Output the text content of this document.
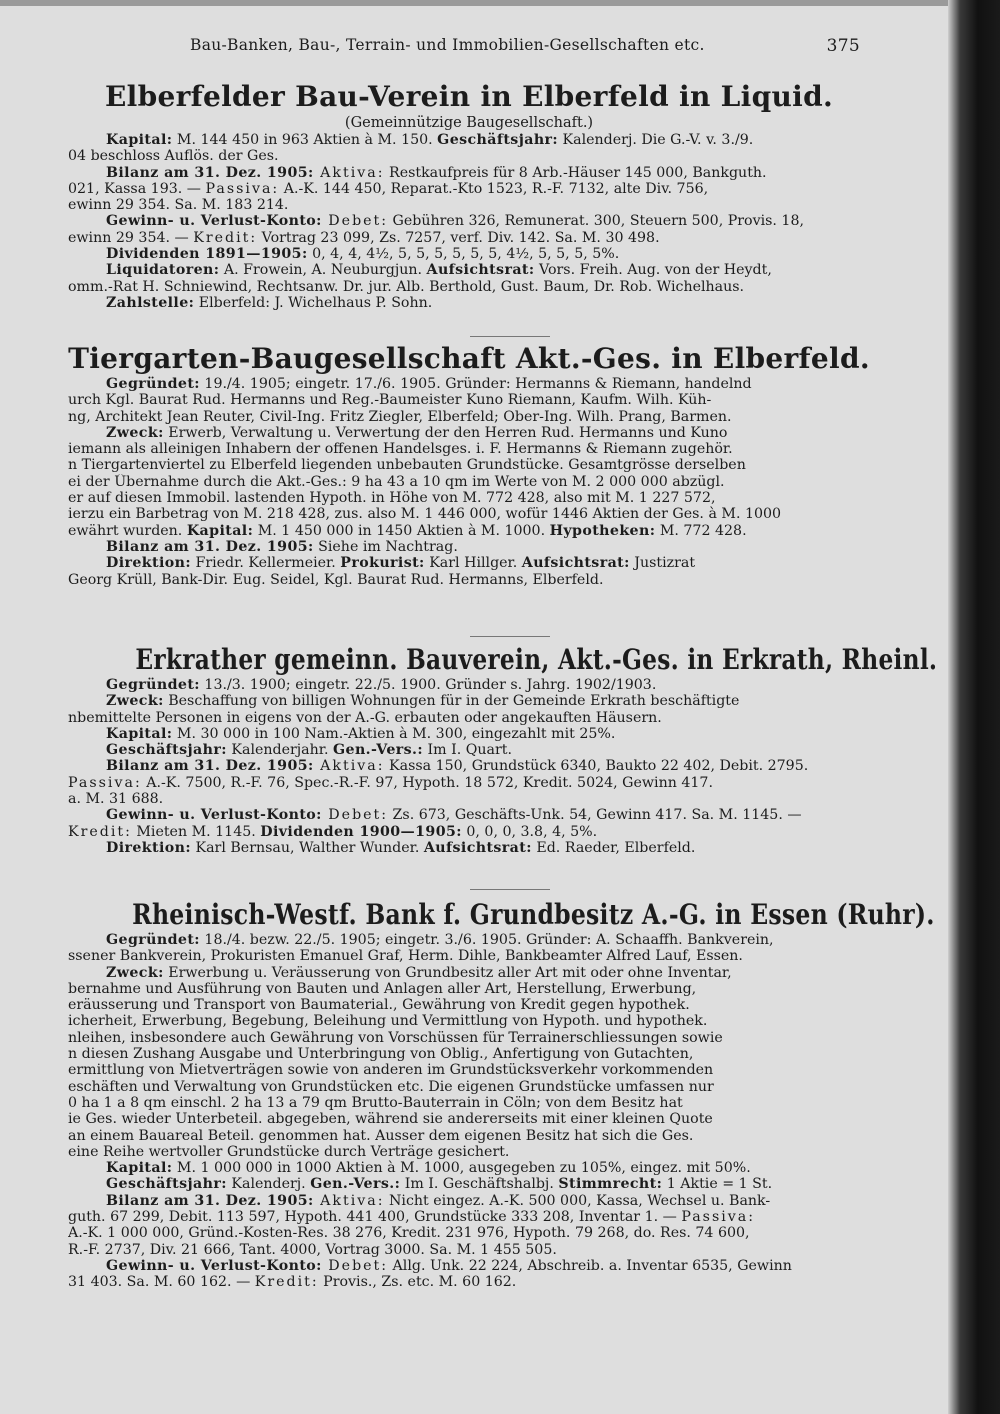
Bau-Banken, Bau-, Terrain- und Immobilien-Gesellschaften etc.	375
Elberfelder Bau-Verein in Elberfeld in Liquid.
(Gemeinnützige Baugesellschaft.)
Kapital: M. 144 450 in 963 Aktien à M. 150. Geschäftsjahr: Kalenderj. Die G.-V. v. 3./9.
04 beschloss Auflös. der Ges.
Bilanz am 31. Dez. 1905: Aktiva: Restkaufpreis für 8 Arb.-Häuser 145 000, Bankguth.
021, Kassa 193. — Passiva: A.-K. 144 450, Reparat.-Kto 1523, R.-F. 7132, alte Div. 756,
ewinn 29 354. Sa. M. 183 214.
Gewinn- u. Verlust-Konto: Debet: Gebühren 326, Remunerat. 300, Steuern 500, Provis. 18,
ewinn 29 354. — Kredit: Vortrag 23 099, Zs. 7257, verf. Div. 142. Sa. M. 30 498.
Dividenden 1891—1905: 0, 4, 4, 4½, 5, 5, 5, 5, 5, 5, 4½, 5, 5, 5, 5%.
Liquidatoren: A. Frowein, A. Neuburgjun. Aufsichtsrat: Vors. Freih. Aug. von der Heydt,
omm.-Rat H. Schniewind, Rechtsanw. Dr. jur. Alb. Berthold, Gust. Baum, Dr. Rob. Wichelhaus.
Zahlstelle: Elberfeld: J. Wichelhaus P. Sohn.
Tiergarten-Baugesellschaft Akt.-Ges. in Elberfeld.
Gegründet: 19./4. 1905; eingetr. 17./6. 1905. Gründer: Hermanns & Riemann, handelnd
urch Kgl. Baurat Rud. Hermanns und Reg.-Baumeister Kuno Riemann, Kaufm. Wilh. Küh-
ng, Architekt Jean Reuter, Civil-Ing. Fritz Ziegler, Elberfeld; Ober-Ing. Wilh. Prang, Barmen.
Zweck: Erwerb, Verwaltung u. Verwertung der den Herren Rud. Hermanns und Kuno
iemann als alleinigen Inhabern der offenen Handelsges. i. F. Hermanns & Riemann zugehör.
n Tiergartenviertel zu Elberfeld liegenden unbebauten Grundstücke. Gesamtgrösse derselben
ei der Übernahme durch die Akt.-Ges.: 9 ha 43 a 10 qm im Werte von M. 2 000 000 abzügl.
er auf diesen Immobil. lastenden Hypoth. in Höhe von M. 772 428, also mit M. 1 227 572,
ierzu ein Barbetrag von M. 218 428, zus. also M. 1 446 000, wofür 1446 Aktien der Ges. à M. 1000
ewährt wurden. Kapital: M. 1 450 000 in 1450 Aktien à M. 1000. Hypotheken: M. 772 428.
Bilanz am 31. Dez. 1905: Siehe im Nachtrag.
Direktion: Friedr. Kellermeier. Prokurist: Karl Hillger. Aufsichtsrat: Justizrat
Georg Krüll, Bank-Dir. Eug. Seidel, Kgl. Baurat Rud. Hermanns, Elberfeld.
Erkrather gemeinn. Bauverein, Akt.-Ges. in Erkrath, Rheinl.
Gegründet: 13./3. 1900; eingetr. 22./5. 1900. Gründer s. Jahrg. 1902/1903.
Zweck: Beschaffung von billigen Wohnungen für in der Gemeinde Erkrath beschäftigte
nbemittelte Personen in eigens von der A.-G. erbauten oder angekauften Häusern.
Kapital: M. 30 000 in 100 Nam.-Aktien à M. 300, eingezahlt mit 25%.
Geschäftsjahr: Kalenderjahr. Gen.-Vers.: Im I. Quart.
Bilanz am 31. Dez. 1905: Aktiva: Kassa 150, Grundstück 6340, Baukto 22 402, Debit. 2795.
Passiva: A.-K. 7500, R.-F. 76, Spec.-R.-F. 97, Hypoth. 18 572, Kredit. 5024, Gewinn 417.
a. M. 31 688.
Gewinn- u. Verlust-Konto: Debet: Zs. 673, Geschäfts-Unk. 54, Gewinn 417. Sa. M. 1145. —
Kredit: Mieten M. 1145. Dividenden 1900—1905: 0, 0, 0, 3.8, 4, 5%.
Direktion: Karl Bernsau, Walther Wunder. Aufsichtsrat: Ed. Raeder, Elberfeld.
Rheinisch-Westf. Bank f. Grundbesitz A.-G. in Essen (Ruhr).
Gegründet: 18./4. bezw. 22./5. 1905; eingetr. 3./6. 1905. Gründer: A. Schaaffh. Bankverein,
ssener Bankverein, Prokuristen Emanuel Graf, Herm. Dihle, Bankbeamter Alfred Lauf, Essen.
Zweck: Erwerbung u. Veräusserung von Grundbesitz aller Art mit oder ohne Inventar,
bernahme und Ausführung von Bauten und Anlagen aller Art, Herstellung, Erwerbung,
eräusserung und Transport von Baumaterial., Gewährung von Kredit gegen hypothek.
icherheit, Erwerbung, Begebung, Beleihung und Vermittlung von Hypoth. und hypothek.
nleihen, insbesondere auch Gewährung von Vorschüssen für Terrainerschliessungen sowie
n diesen Zushang Ausgabe und Unterbringung von Oblig., Anfertigung von Gutachten,
ermittlung von Mietverträgen sowie von anderen im Grundstücksverkehr vorkommenden
eschäften und Verwaltung von Grundstücken etc. Die eigenen Grundstücke umfassen nur
0 ha 1 a 8 qm einschl. 2 ha 13 a 79 qm Brutto-Bauterrain in Cöln; von dem Besitz hat
ie Ges. wieder Unterbeteil. abgegeben, während sie andererseits mit einer kleinen Quote
an einem Bauareal Beteil. genommen hat. Ausser dem eigenen Besitz hat sich die Ges.
eine Reihe wertvoller Grundstücke durch Verträge gesichert.
Kapital: M. 1 000 000 in 1000 Aktien à M. 1000, ausgegeben zu 105%, eingez. mit 50%.
Geschäftsjahr: Kalenderj. Gen.-Vers.: Im I. Geschäftshalbj. Stimmrecht: 1 Aktie = 1 St.
Bilanz am 31. Dez. 1905: Aktiva: Nicht eingez. A.-K. 500 000, Kassa, Wechsel u. Bank-
guth. 67 299, Debit. 113 597, Hypoth. 441 400, Grundstücke 333 208, Inventar 1. — Passiva:
A.-K. 1 000 000, Gründ.-Kosten-Res. 38 276, Kredit. 231 976, Hypoth. 79 268, do. Res. 74 600,
R.-F. 2737, Div. 21 666, Tant. 4000, Vortrag 3000. Sa. M. 1 455 505.
Gewinn- u. Verlust-Konto: Debet: Allg. Unk. 22 224, Abschreib. a. Inventar 6535, Gewinn
31 403. Sa. M. 60 162. — Kredit: Provis., Zs. etc. M. 60 162.
